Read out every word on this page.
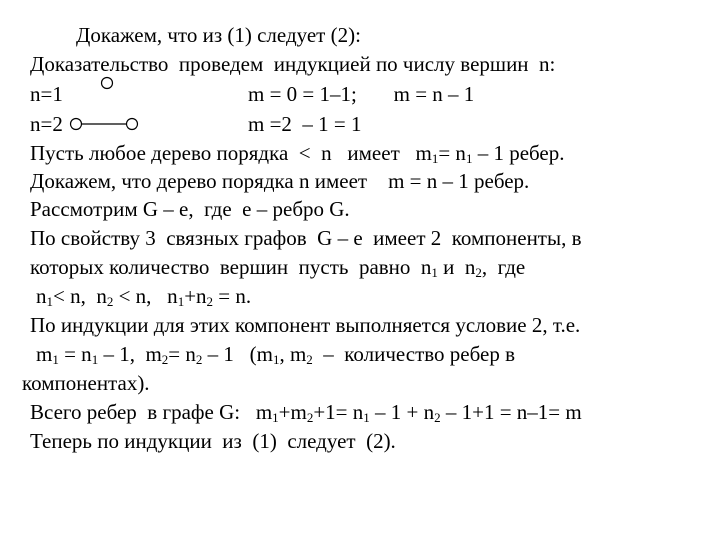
Докажем, что из (1) следует (2):
Доказательство  проведем  индукцией по числу вершин  n:
n=1	m = 0 = 1–1;       m = n – 1
n=2	m =2  – 1 = 1
Пусть любое дерево порядка  <  n   имеет   $m_1= n_1 - 1$ ребер.
Докажем, что дерево порядка n имеет    m = n – 1 ребер.
Рассмотрим G – e,  где  e – ребро G.
По свойству 3  связных графов  G – e  имеет 2  компоненты, в
которых количество  вершин  пусть  равно  $n_1$ и  $n_2$,  где
$n_1< n$,  $n_2 < n$,   $n_1+n_2 = n$.
По индукции для этих компонент выполняется условие 2, т.е.
$m_1 = n_1 - 1$,  $m_2= n_2 - 1$   ($m_1$, $m_2$  –  количество ребер в
компонентах).
Всего ребер  в графе G:   $m_1+m_2+1= n_1 - 1 + n_2 - 1+1 = n-1= m$
Теперь по индукции  из  (1)  следует  (2).
